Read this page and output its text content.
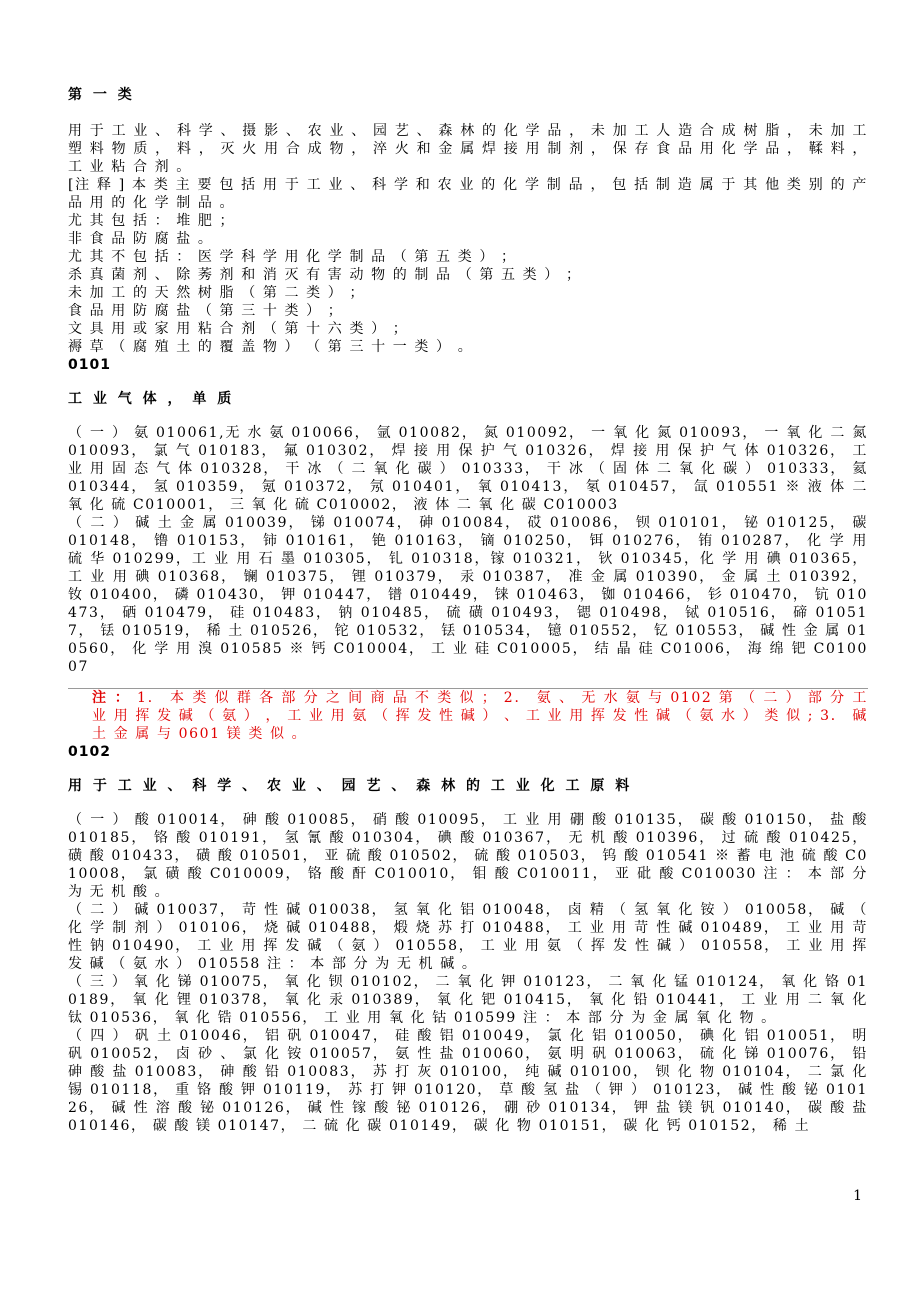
第 一 类

用 于 工 业 、 科 学 、 摄 影 、 农 业 、 园 艺 、 森 林 的 化 学 品 ， 未 加 工 人 造 合 成 树 脂 ， 未 加 工 塑 料 物 质 ， 料 ， 灭 火 用 合 成 物 ， 淬 火 和 金 属 焊 接 用 制 剂 ， 保 存 食 品 用 化 学 品 ， 鞣 料 ， 工 业 粘 合 剂 。

[注 释 ] 本 类 主 要 包 括 用 于 工 业 、 科 学 和 农 业 的 化 学 制 品 ， 包 括 制 造 属 于 其 他 类 别 的 产 品 用 的 化 学 制 品 。

尤 其 包 括 ： 堆 肥 ；

非 食 品 防 腐 盐 。

尤 其 不 包 括 ： 医 学 科 学 用 化 学 制 品 （ 第 五 类 ） ；

杀 真 菌 剂 、 除 莠 剂 和 消 灭 有 害 动 物 的 制 品 （ 第 五 类 ） ；

未 加 工 的 天 然 树 脂 （ 第 二 类 ） ；

食 品 用 防 腐 盐 （ 第 三 十 类 ） ；

文 具 用 或 家 用 粘 合 剂 （ 第 十 六 类 ） ；

褥 草 （ 腐 殖 土 的 覆 盖 物 ） （ 第 三 十 一 类 ） 。

0101
工 业 气 体 ， 单 质

（ 一 ） 氨 010061,无 水 氨 010066， 氩 010082， 氮 010092， 一 氧 化 氮 010093， 一 氧 化 二 氮 010093， 氯 气 010183， 氟 010302， 焊 接 用 保 护 气 010326， 焊 接 用 保 护 气 体 010326， 工 业 用 固 态 气 体 010328， 干 冰 （ 二 氧 化 碳 ） 010333， 干 冰 （ 固 体 二 氧 化 碳 ） 010333， 氦 010344， 氢 010359， 氪 010372， 氖 010401， 氧 010413， 氡 010457， 氙 010551 ※ 液 体 二 氧 化 硫 C010001， 三 氧 化 硫 C010002， 液 体 二 氧 化 碳 C010003

（ 二 ） 碱 土 金 属 010039， 锑 010074， 砷 010084， 砹 010086， 钡 010101， 铋 010125， 碳 010148， 镥 010153， 铈 010161， 铯 010163， 镝 010250， 铒 010276， 铕 010287， 化 学 用 硫 华 010299，工 业 用 石 墨 010305， 钆 010318，镓 010321， 钬 010345，化 学 用 碘 010365， 工 业 用 碘 010368， 镧 010375， 锂 010379， 汞 010387， 准 金 属 010390， 金 属 土 010392， 钕 010400， 磷 010430， 钾 010447， 镨 010449， 铼 010463， 铷 010466， 钐 010470， 钪 010473， 硒 010479， 硅 010483， 钠 010485， 硫 磺 010493， 锶 010498， 铽 010516， 碲 010517， 铥 010519， 稀 土 010526， 铊 010532， 铥 010534， 镱 010552， 钇 010553， 碱 性 金 属 010560， 化 学 用 溴 010585 ※ 钙 C010004， 工 业 硅 C010005， 结 晶 硅 C01006， 海 绵 钯 C010007

注 ： 1． 本 类 似 群 各 部 分 之 间 商 品 不 类 似 ； 2． 氨 、 无 水 氨 与 0102 第 （ 二 ） 部 分 工 业 用 挥 发 碱 （ 氨 ） ， 工 业 用 氨 （ 挥 发 性 碱 ） 、 工 业 用 挥 发 性 碱 （ 氨 水 ） 类 似 ; 3． 碱 土 金 属 与 0601 镁 类 似 。

0102
用 于 工 业 、 科 学 、 农 业 、 园 艺 、 森 林 的 工 业 化 工 原 料

（ 一 ） 酸 010014， 砷 酸 010085， 硝 酸 010095， 工 业 用 硼 酸 010135， 碳 酸 010150， 盐 酸 010185， 铬 酸 010191， 氢 氰 酸 010304， 碘 酸 010367， 无 机 酸 010396， 过 硫 酸 010425， 磺 酸 010433， 磺 酸 010501， 亚 硫 酸 010502， 硫 酸 010503， 钨 酸 010541 ※ 蓄 电 池 硫 酸 C010008， 氯 磺 酸 C010009， 铬 酸 酐 C010010， 钼 酸 C010011， 亚 砒 酸 C010030 注 ： 本 部 分 为 无 机 酸 。

（ 二 ） 碱 010037， 苛 性 碱 010038， 氢 氧 化 铝 010048， 卤 精 （ 氢 氧 化 铵 ） 010058， 碱 （ 化 学 制 剂 ） 010106， 烧 碱 010488， 煅 烧 苏 打 010488， 工 业 用 苛 性 碱 010489， 工 业 用 苛 性 钠 010490， 工 业 用 挥 发 碱 （ 氨 ） 010558， 工 业 用 氨 （ 挥 发 性 碱 ） 010558， 工 业 用 挥 发 碱 （ 氨 水 ） 010558 注 ： 本 部 分 为 无 机 碱 。

（ 三 ） 氧 化 锑 010075， 氧 化 钡 010102， 二 氧 化 钾 010123， 二 氧 化 锰 010124， 氧 化 铬 010189， 氧 化 锂 010378， 氧 化 汞 010389， 氧 化 钯 010415， 氧 化 铅 010441， 工 业 用 二 氧 化 钛 010536， 氧 化 锆 010556， 工 业 用 氧 化 钴 010599 注 ： 本 部 分 为 金 属 氧 化 物 。

（ 四 ） 矾 土 010046， 铝 矾 010047， 硅 酸 铝 010049， 氯 化 铝 010050， 碘 化 铝 010051， 明 矾 010052， 卤 砂 、 氯 化 铵 010057， 氨 性 盐 010060， 氨 明 矾 010063， 硫 化 锑 010076， 铅 砷 酸 盐 010083， 砷 酸 铅 010083， 苏 打 灰 010100， 纯 碱 010100， 钡 化 物 010104， 二 氯 化 锡 010118， 重 铬 酸 钾 010119， 苏 打 钾 010120， 草 酸 氢 盐 （ 钾 ） 010123， 碱 性 酸 铋 010126， 碱 性 溶 酸 铋 010126， 碱 性 镓 酸 铋 010126， 硼 砂 010134， 钾 盐 镁 钒 010140， 碳 酸 盐 010146， 碳 酸 镁 010147， 二 硫 化 碳 010149， 碳 化 物 010151， 碳 化 钙 010152， 稀 土

1
